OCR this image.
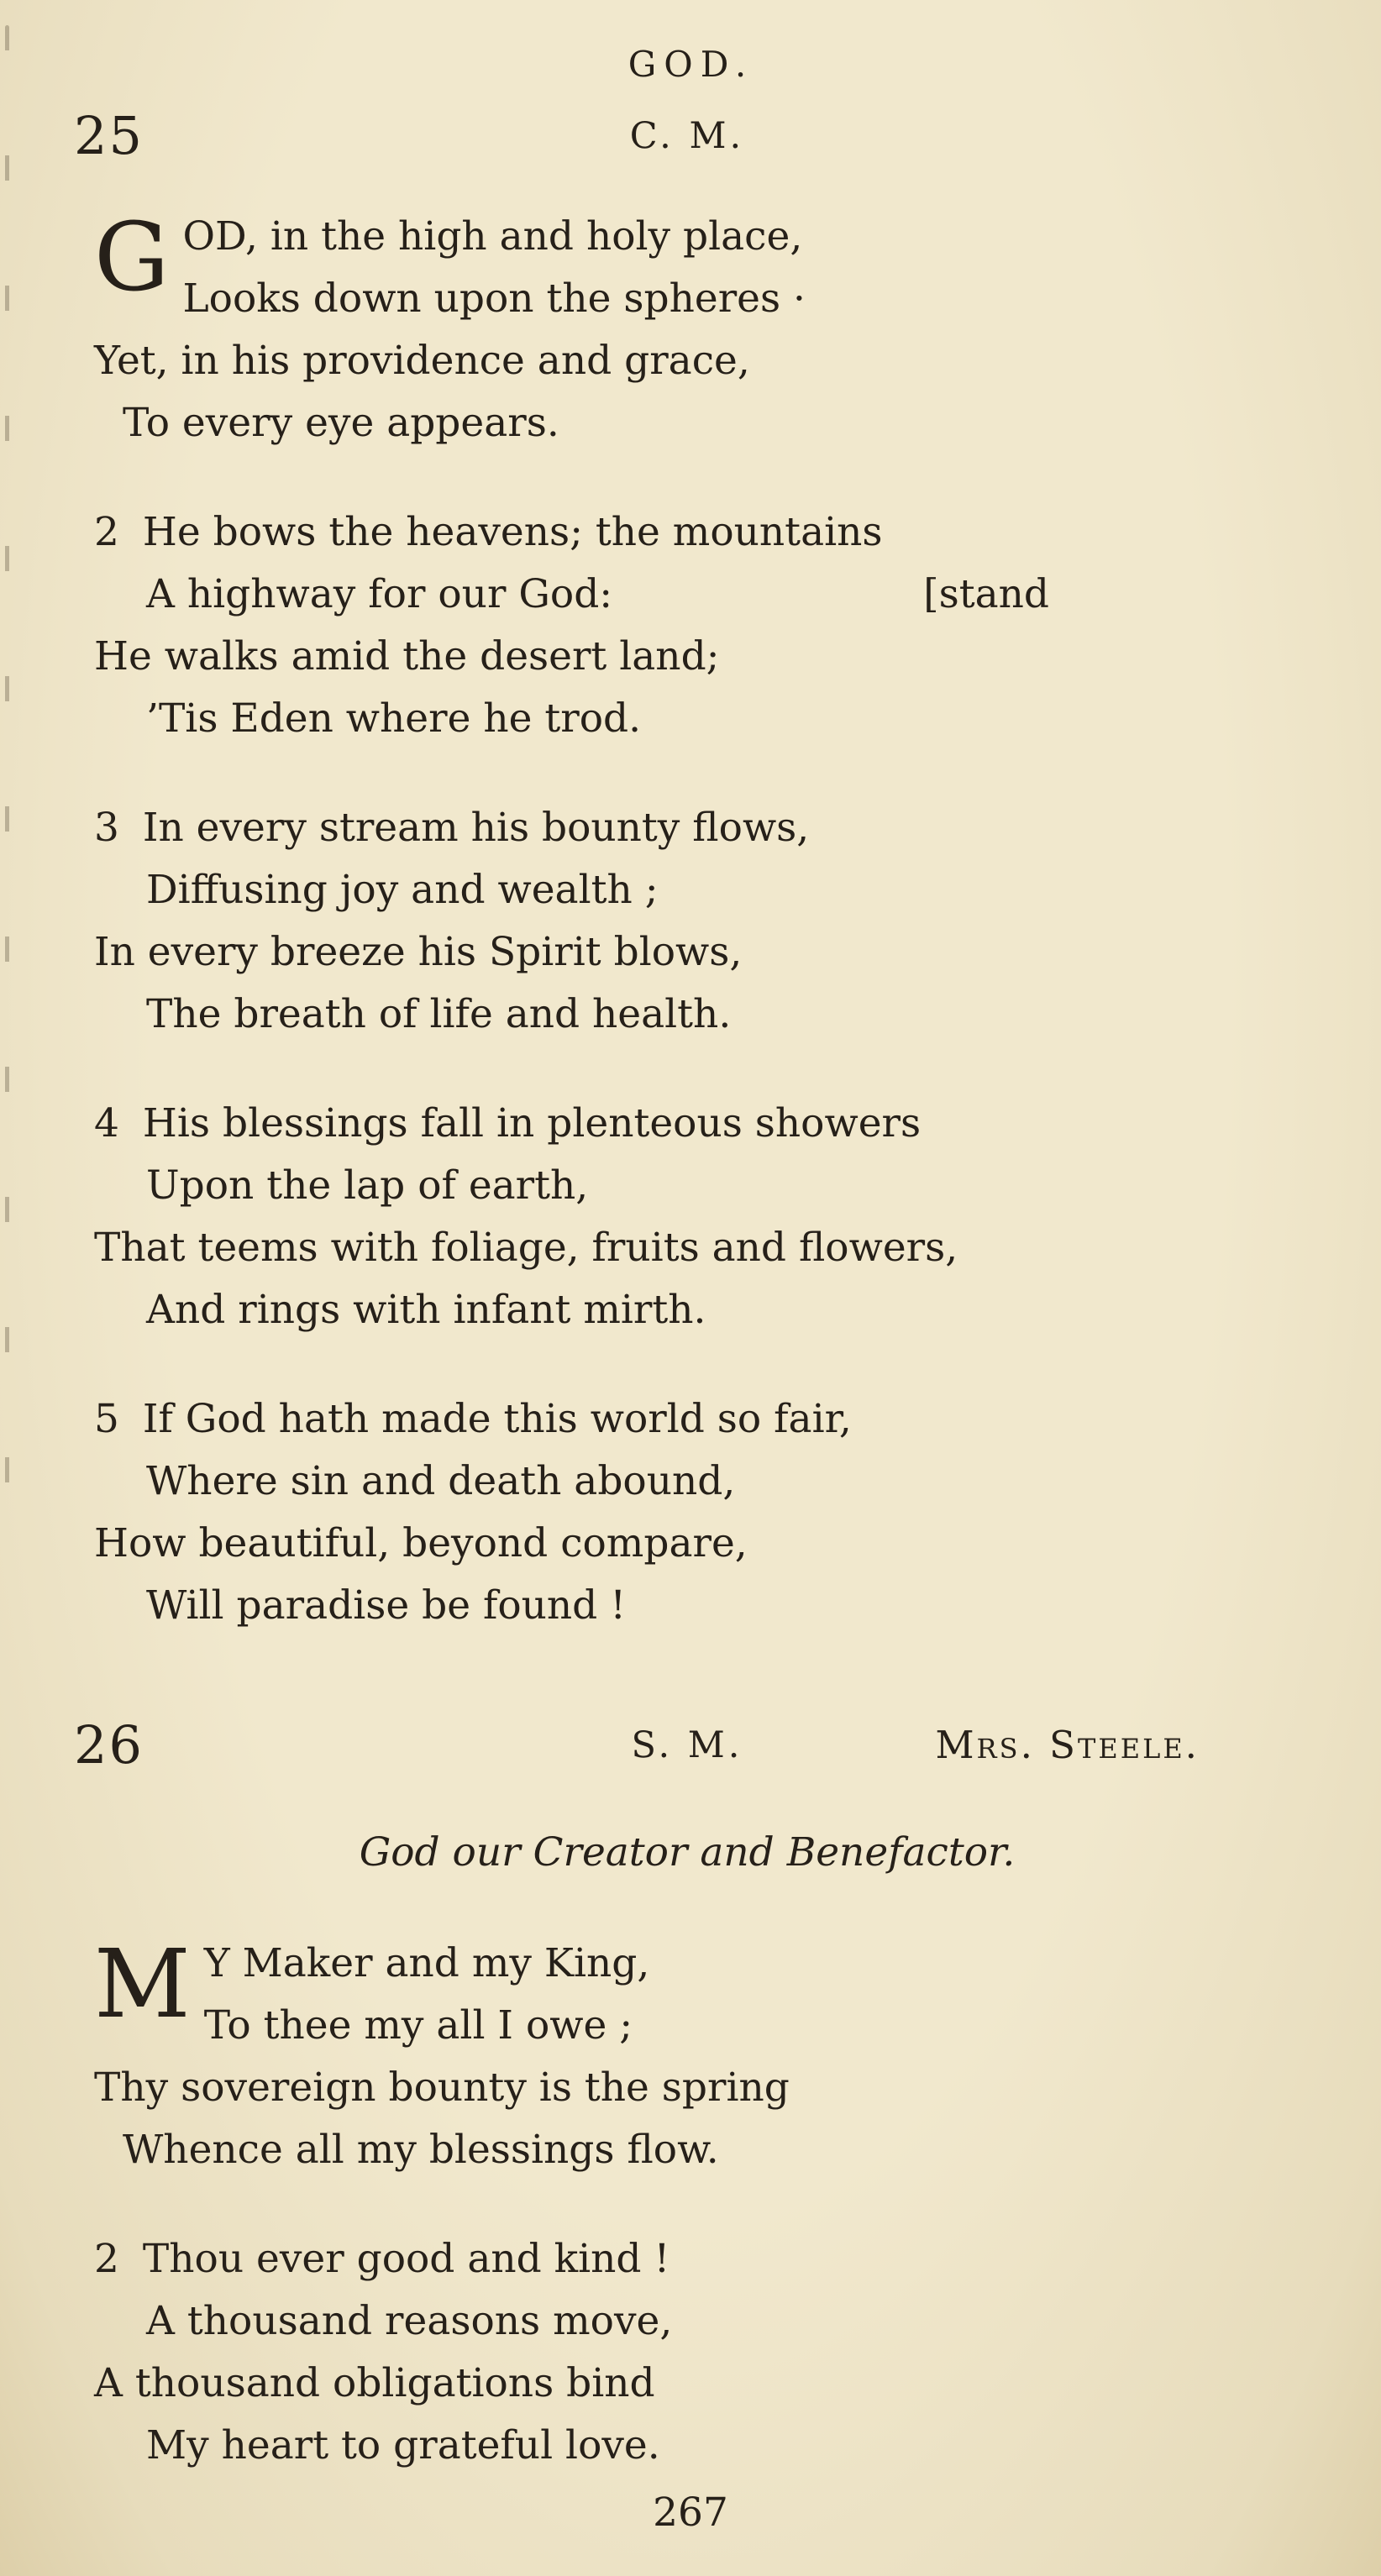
GOD.
25	C. M.
G OD, in the high and holy place,
Looks down upon the spheres ·
Yet, in his providence and grace,
To every eye appears.
2 He bows the heavens; the mountains
A highway for our God:	[stand
He walks amid the desert land;
’Tis Eden where he trod.
3 In every stream his bounty flows,
Diffusing joy and wealth ;
In every breeze his Spirit blows,
The breath of life and health.
4 His blessings fall in plenteous showers
Upon the lap of earth,
That teems with foliage, fruits and flowers,
And rings with infant mirth.
5 If God hath made this world so fair,
Where sin and death abound,
How beautiful, beyond compare,
Will paradise be found !
26	S. M.	Mrs. Steele.
God our Creator and Benefactor.
M Y Maker and my King,
To thee my all I owe ;
Thy sovereign bounty is the spring
Whence all my blessings flow.
2 Thou ever good and kind !
A thousand reasons move,
A thousand obligations bind
My heart to grateful love.
267
